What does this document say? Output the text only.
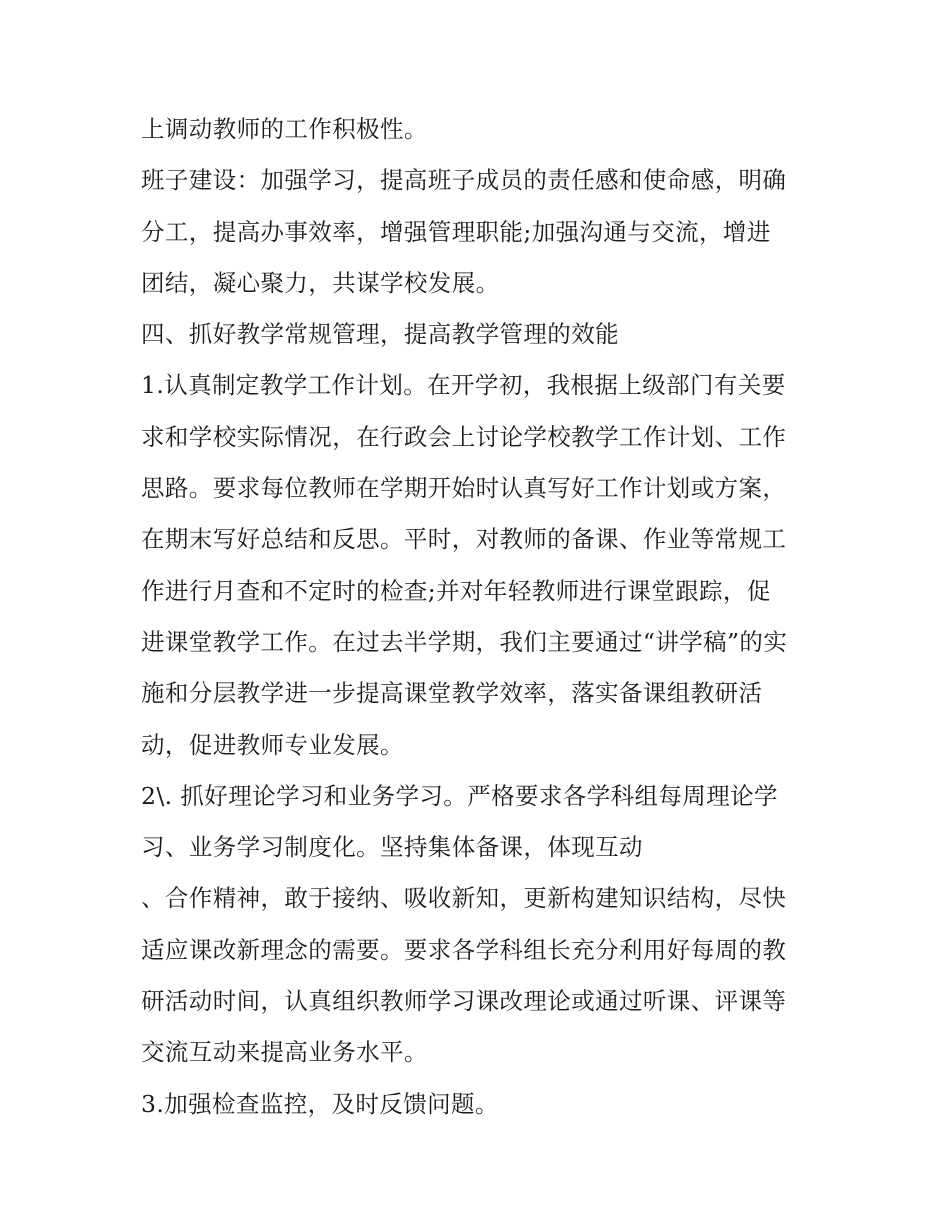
上调动教师的工作积极性。
班子建设：加强学习，提高班子成员的责任感和使命感，明确
分工，提高办事效率，增强管理职能;加强沟通与交流，增进
团结，凝心聚力，共谋学校发展。
四、抓好教学常规管理，提高教学管理的效能
1.认真制定教学工作计划。在开学初，我根据上级部门有关要
求和学校实际情况，在行政会上讨论学校教学工作计划、工作
思路。要求每位教师在学期开始时认真写好工作计划或方案，
在期末写好总结和反思。平时，对教师的备课、作业等常规工
作进行月查和不定时的检查;并对年轻教师进行课堂跟踪，促
进课堂教学工作。在过去半学期，我们主要通过“讲学稿”的实
施和分层教学进一步提高课堂教学效率，落实备课组教研活
动，促进教师专业发展。
2\. 抓好理论学习和业务学习。严格要求各学科组每周理论学
习、业务学习制度化。坚持集体备课，体现互动
、合作精神，敢于接纳、吸收新知，更新构建知识结构，尽快
适应课改新理念的需要。要求各学科组长充分利用好每周的教
研活动时间，认真组织教师学习课改理论或通过听课、评课等
交流互动来提高业务水平。
3.加强检查监控，及时反馈问题。
